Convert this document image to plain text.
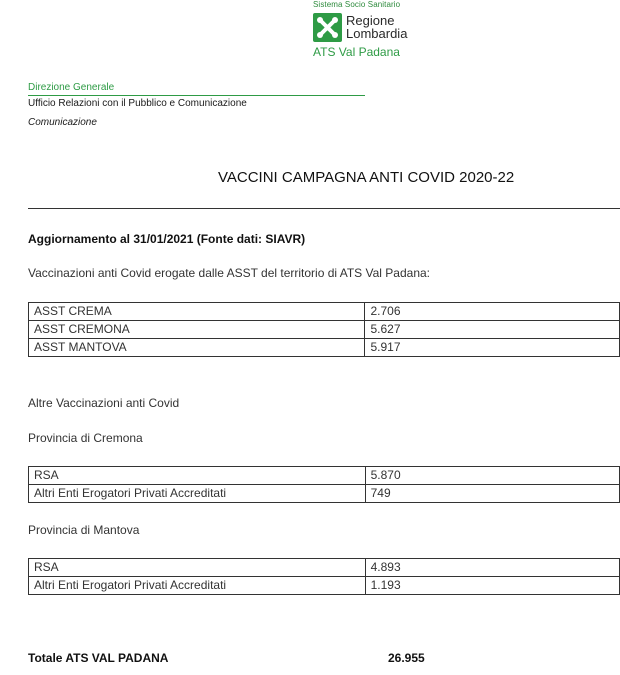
Sistema Socio Sanitario
Regione
Lombardia
ATS Val Padana
Direzione Generale
Ufficio Relazioni con il Pubblico e Comunicazione
Comunicazione
VACCINI CAMPAGNA ANTI COVID 2020-22
Aggiornamento al 31/01/2021 (Fonte dati: SIAVR)
Vaccinazioni anti Covid erogate dalle ASST del territorio di ATS Val Padana:
ASST CREMA	2.706
ASST CREMONA	5.627
ASST MANTOVA	5.917
Altre Vaccinazioni anti Covid
Provincia di Cremona
RSA	5.870
Altri Enti Erogatori Privati Accreditati	749
Provincia di Mantova
RSA	4.893
Altri Enti Erogatori Privati Accreditati	1.193
Totale ATS VAL PADANA	26.955
